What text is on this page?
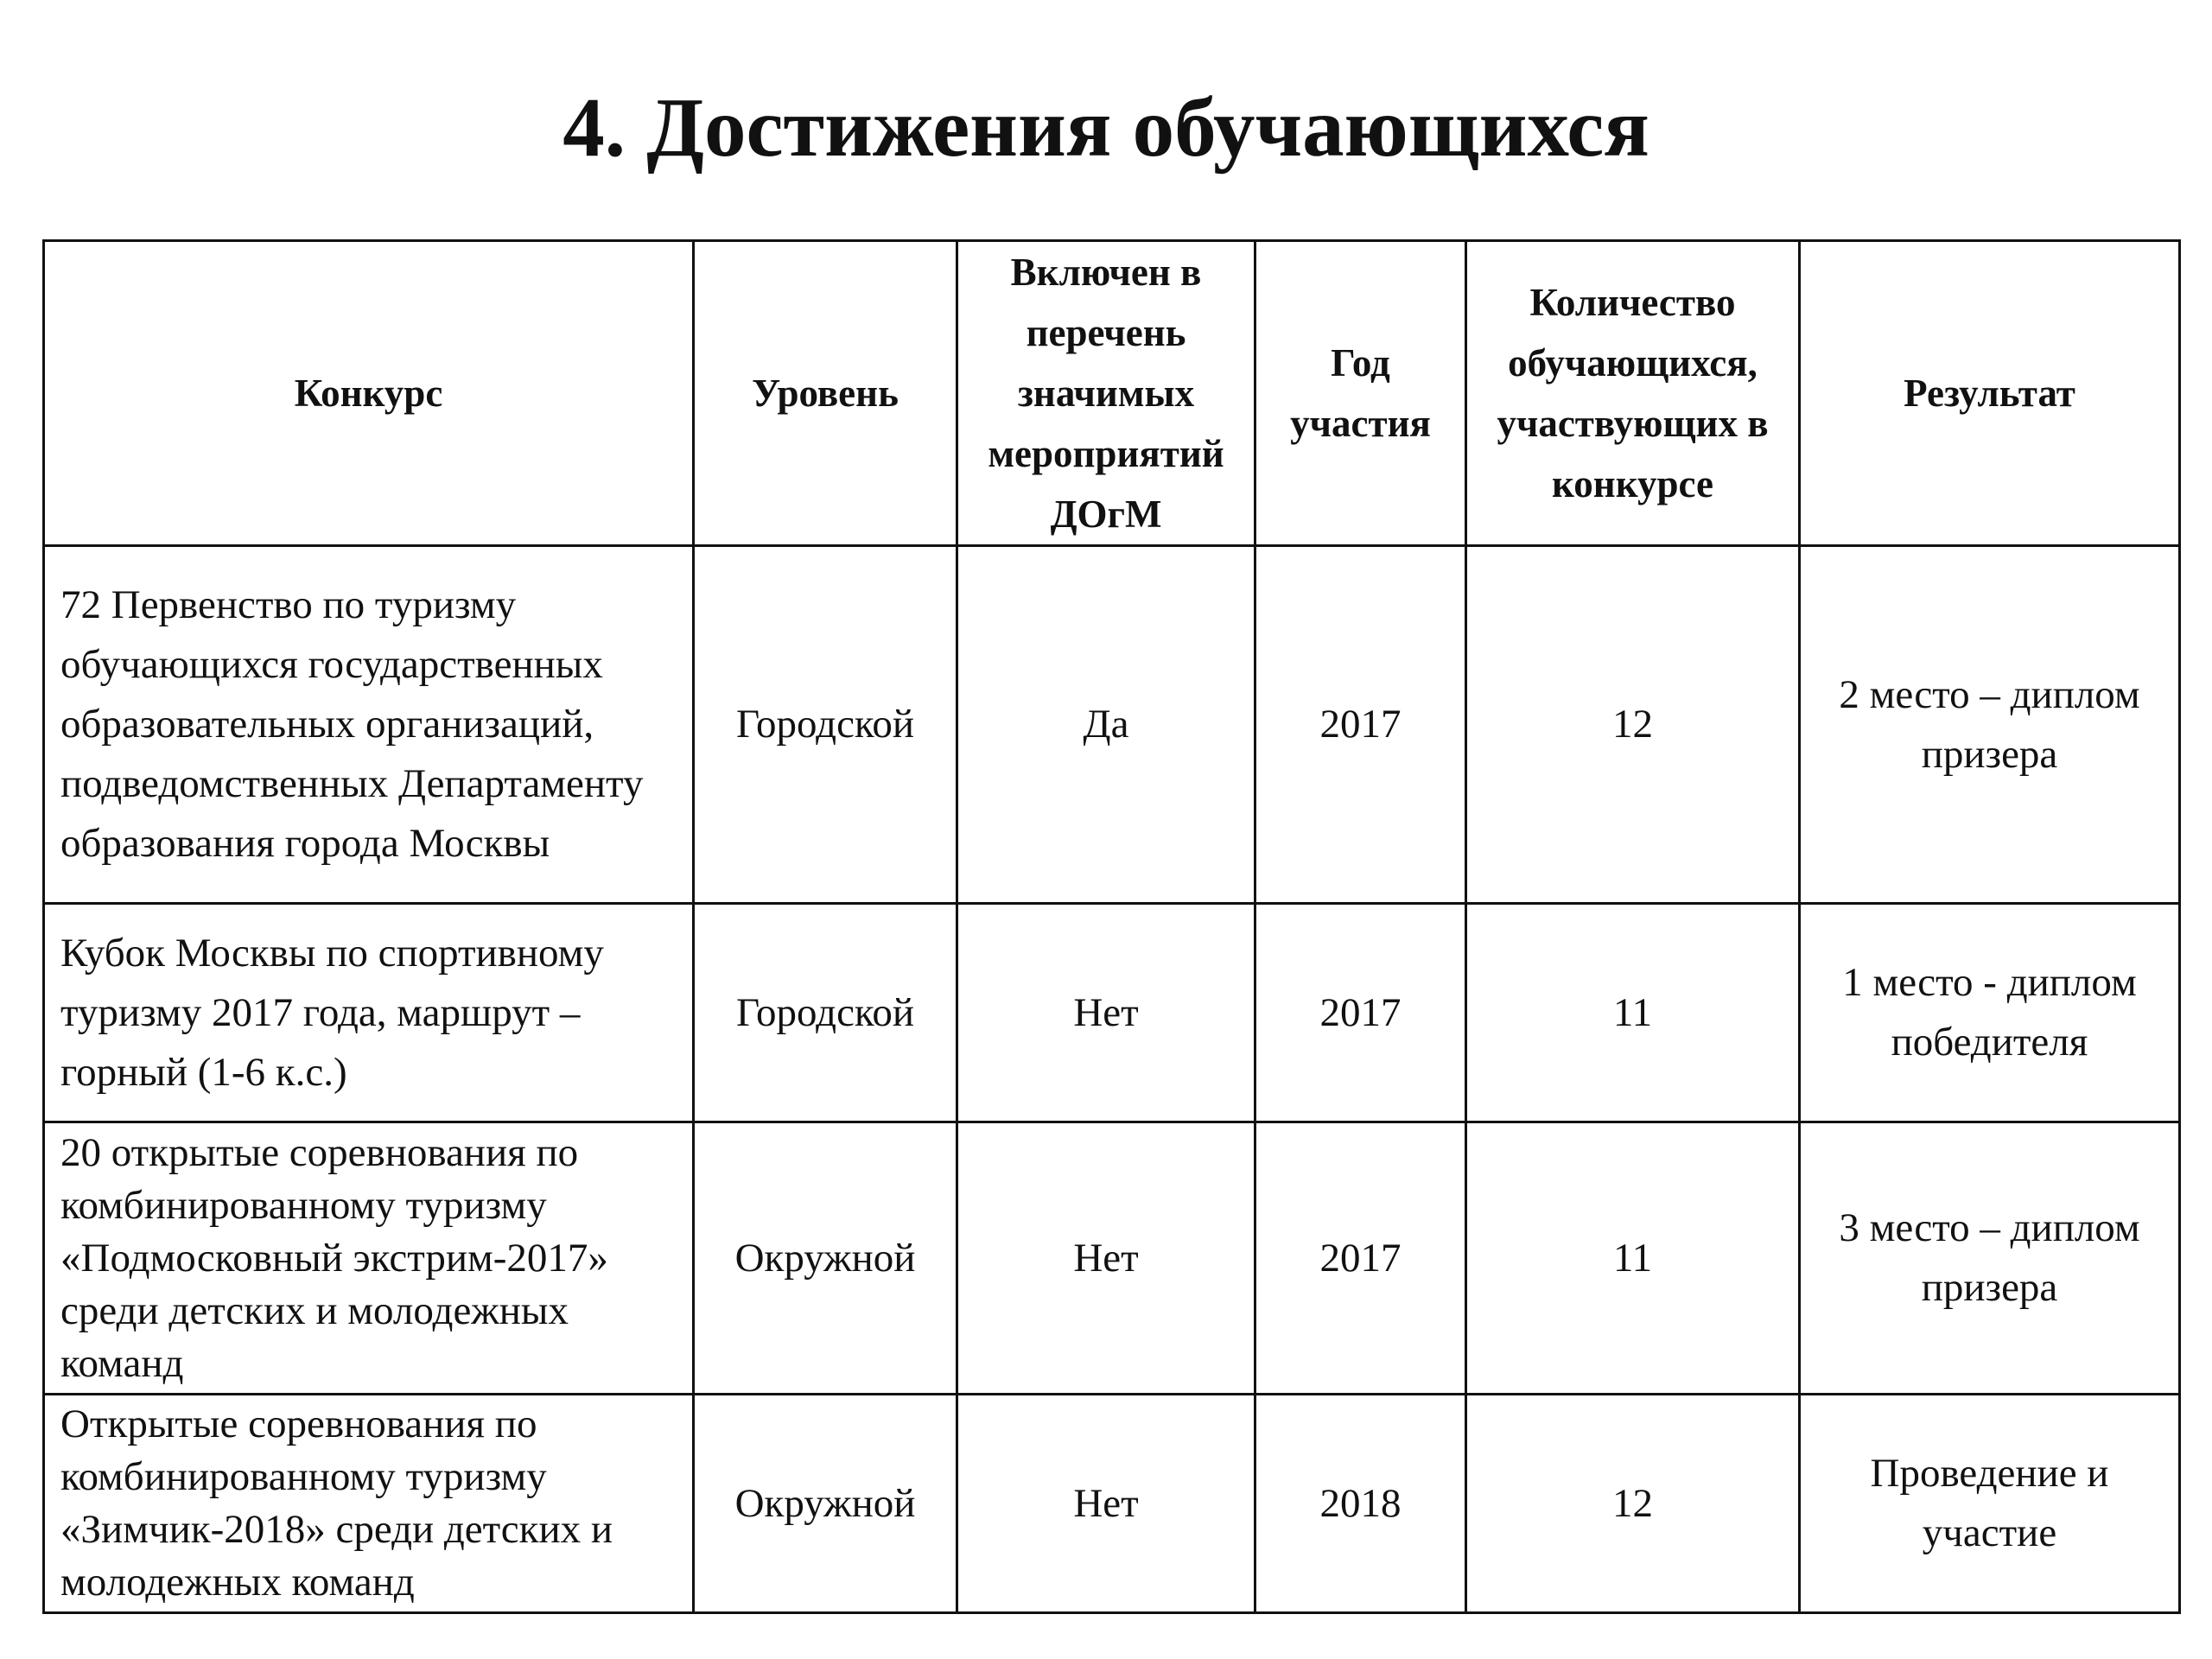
4. Достижения обучающихся
Конкурс	Уровень	Включен в перечень значимых мероприятий ДОгМ	Год участия	Количество обучающихся, участвующих в конкурсе	Результат
72 Первенство по туризму обучающихся государственных образовательных организаций, подведомственных Департаменту образования города Москвы	Городской	Да	2017	12	2 место – диплом призера
Кубок Москвы по спортивному туризму 2017 года, маршрут – горный (1-6 к.с.)	Городской	Нет	2017	11	1 место - диплом победителя
20 открытые соревнования по комбинированному туризму «Подмосковный экстрим-2017» среди детских и молодежных команд	Окружной	Нет	2017	11	3 место – диплом призера
Открытые соревнования по комбинированному туризму «Зимчик-2018» среди детских и молодежных команд	Окружной	Нет	2018	12	Проведение и участие
